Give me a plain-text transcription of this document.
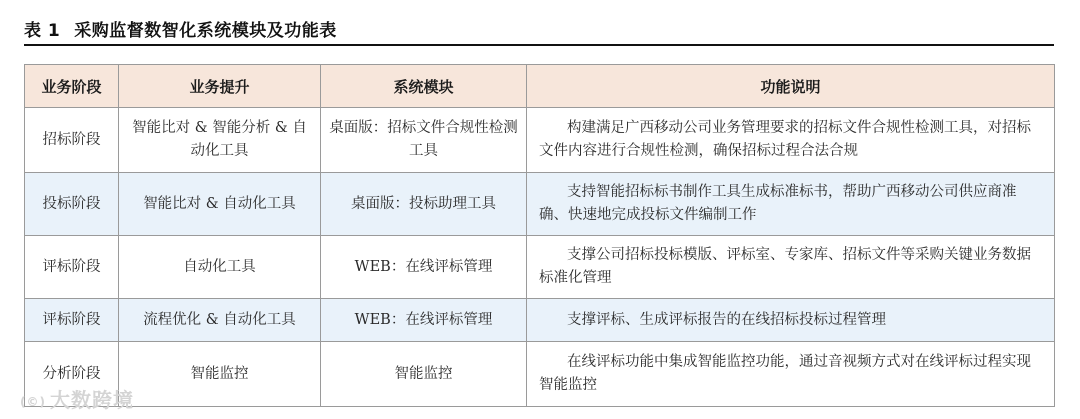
表 1 采购监督数智化系统模块及功能表
业务阶段	业务提升	系统模块	功能说明
招标阶段	智能比对 & 智能分析 & 自动化工具	桌面版：招标文件合规性检测工具	构建满足广西移动公司业务管理要求的招标文件合规性检测工具，对招标文件内容进行合规性检测，确保招标过程合法合规
投标阶段	智能比对 & 自动化工具	桌面版：投标助理工具	支持智能招标标书制作工具生成标准标书，帮助广西移动公司供应商准确、快速地完成投标文件编制工作
评标阶段	自动化工具	WEB：在线评标管理	支撑公司招标投标模版、评标室、专家库、招标文件等采购关键业务数据标准化管理
评标阶段	流程优化 & 自动化工具	WEB：在线评标管理	支撑评标、生成评标报告的在线招标投标过程管理
分析阶段	智能监控	智能监控	在线评标功能中集成智能监控功能，通过音视频方式对在线评标过程实现智能监控
(©) 大数跨境
